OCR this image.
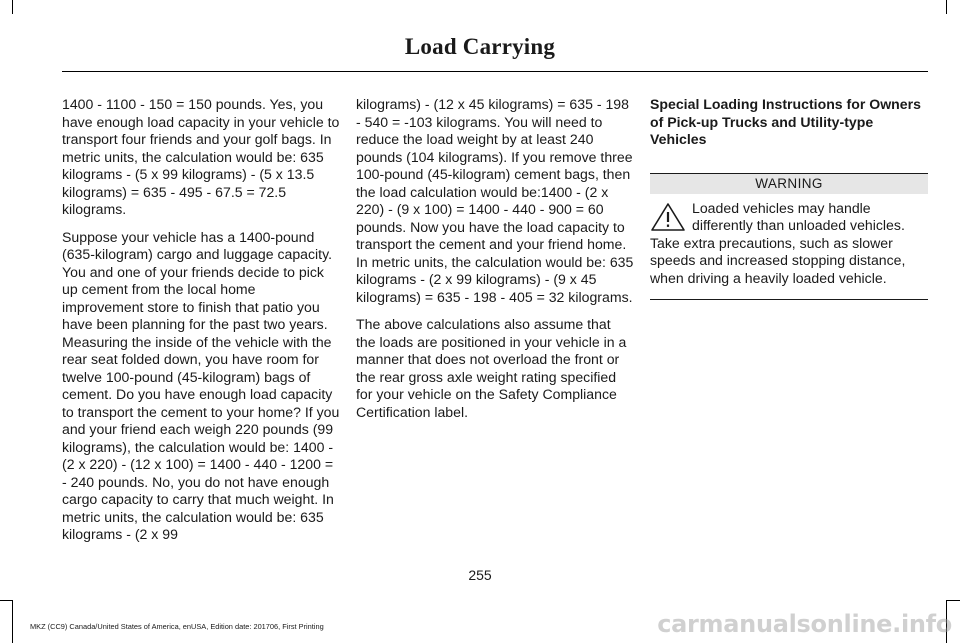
Load Carrying

1400 - 1100 - 150 = 150 pounds. Yes, you have enough load capacity in your vehicle to transport four friends and your golf bags. In metric units, the calculation would be: 635 kilograms - (5 x 99 kilograms) - (5 x 13.5 kilograms) = 635 - 495 - 67.5 = 72.5 kilograms.

Suppose your vehicle has a 1400-pound (635-kilogram) cargo and luggage capacity. You and one of your friends decide to pick up cement from the local home improvement store to finish that patio you have been planning for the past two years. Measuring the inside of the vehicle with the rear seat folded down, you have room for twelve 100-pound (45-kilogram) bags of cement. Do you have enough load capacity to transport the cement to your home? If you and your friend each weigh 220 pounds (99 kilograms), the calculation would be: 1400 - (2 x 220) - (12 x 100) = 1400 - 440 - 1200 = - 240 pounds. No, you do not have enough cargo capacity to carry that much weight. In metric units, the calculation would be: 635 kilograms - (2 x 99

kilograms) - (12 x 45 kilograms) = 635 - 198 - 540 = -103 kilograms. You will need to reduce the load weight by at least 240 pounds (104 kilograms). If you remove three 100-pound (45-kilogram) cement bags, then the load calculation would be:1400 - (2 x 220) - (9 x 100) = 1400 - 440 - 900 = 60 pounds. Now you have the load capacity to transport the cement and your friend home. In metric units, the calculation would be: 635 kilograms - (2 x 99 kilograms) - (9 x 45 kilograms) = 635 - 198 - 405 = 32 kilograms.

The above calculations also assume that the loads are positioned in your vehicle in a manner that does not overload the front or the rear gross axle weight rating specified for your vehicle on the Safety Compliance Certification label.

Special Loading Instructions for Owners of Pick-up Trucks and Utility-type Vehicles
WARNING
Loaded vehicles may handle differently than unloaded vehicles. Take extra precautions, such as slower speeds and increased stopping distance, when driving a heavily loaded vehicle.
255
MKZ (CC9) Canada/United States of America, enUSA, Edition date: 201706, First Printing	carmanualsonline.info
